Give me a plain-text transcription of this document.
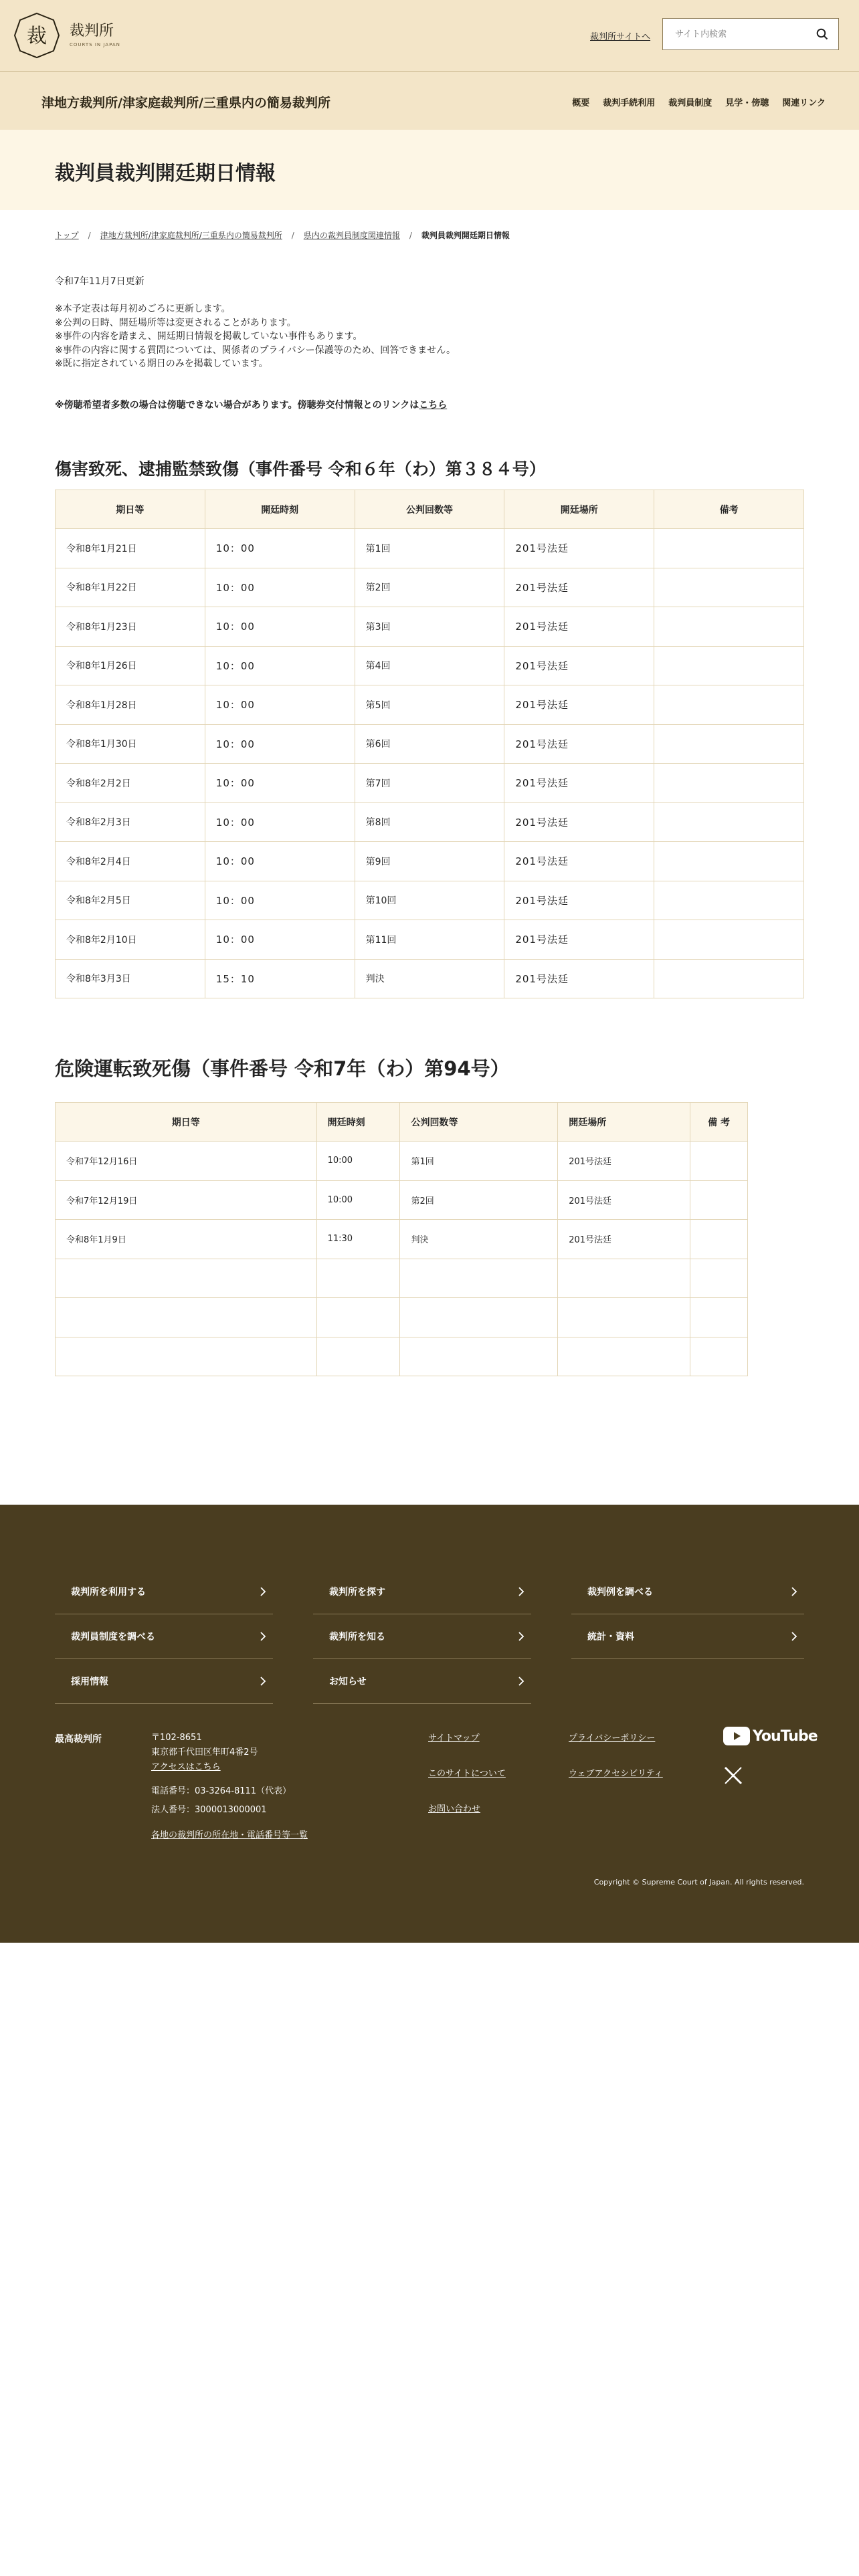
裁 裁判所
COURTS IN JAPAN
裁判所サイトへ
サイト内検索
津地方裁判所/津家庭裁判所/三重県内の簡易裁判所	概要 裁判手続利用 裁判員制度 見学・傍聴 関連リンク
裁判員裁判開廷期日情報
トップ / 津地方裁判所/津家庭裁判所/三重県内の簡易裁判所 / 県内の裁判員制度関連情報 / 裁判員裁判開廷期日情報
令和7年11月7日更新
※本予定表は毎月初めごろに更新します。
※公判の日時、開廷場所等は変更されることがあります。
※事件の内容を踏まえ、開廷期日情報を掲載していない事件もあります。
※事件の内容に関する質問については、関係者のプライバシー保護等のため、回答できません。
※既に指定されている期日のみを掲載しています。
※傍聴希望者多数の場合は傍聴できない場合があります。傍聴券交付情報とのリンクはこちら
傷害致死、逮捕監禁致傷（事件番号 令和６年（わ）第３８４号）
期日等	開廷時刻	公判回数等	開廷場所	備考
令和8年1月21日	10：00	第1回	201号法廷	
令和8年1月22日	10：00	第2回	201号法廷	
令和8年1月23日	10：00	第3回	201号法廷	
令和8年1月26日	10：00	第4回	201号法廷	
令和8年1月28日	10：00	第5回	201号法廷	
令和8年1月30日	10：00	第6回	201号法廷	
令和8年2月2日	10：00	第7回	201号法廷	
令和8年2月3日	10：00	第8回	201号法廷	
令和8年2月4日	10：00	第9回	201号法廷	
令和8年2月5日	10：00	第10回	201号法廷	
令和8年2月10日	10：00	第11回	201号法廷	
令和8年3月3日	15：10	判決	201号法廷	
危険運転致死傷（事件番号 令和7年（わ）第94号）
期日等	開廷時刻	公判回数等	開廷場所	備 考
令和7年12月16日	10:00	第1回	201号法廷	
令和7年12月19日	10:00	第2回	201号法廷	
令和8年1月9日	11:30	判決	201号法廷	

裁判所を利用する	裁判所を探す	裁判例を調べる
裁判員制度を調べる	裁判所を知る	統計・資料
採用情報	お知らせ
最高裁判所	〒102-8651
東京都千代田区隼町4番2号
アクセスはこちら
電話番号：03-3264-8111（代表）
法人番号：3000013000001
各地の裁判所の所在地・電話番号等一覧
サイトマップ	プライバシーポリシー
このサイトについて	ウェブアクセシビリティ
お問い合わせ
YouTube
Copyright © Supreme Court of Japan. All rights reserved.
